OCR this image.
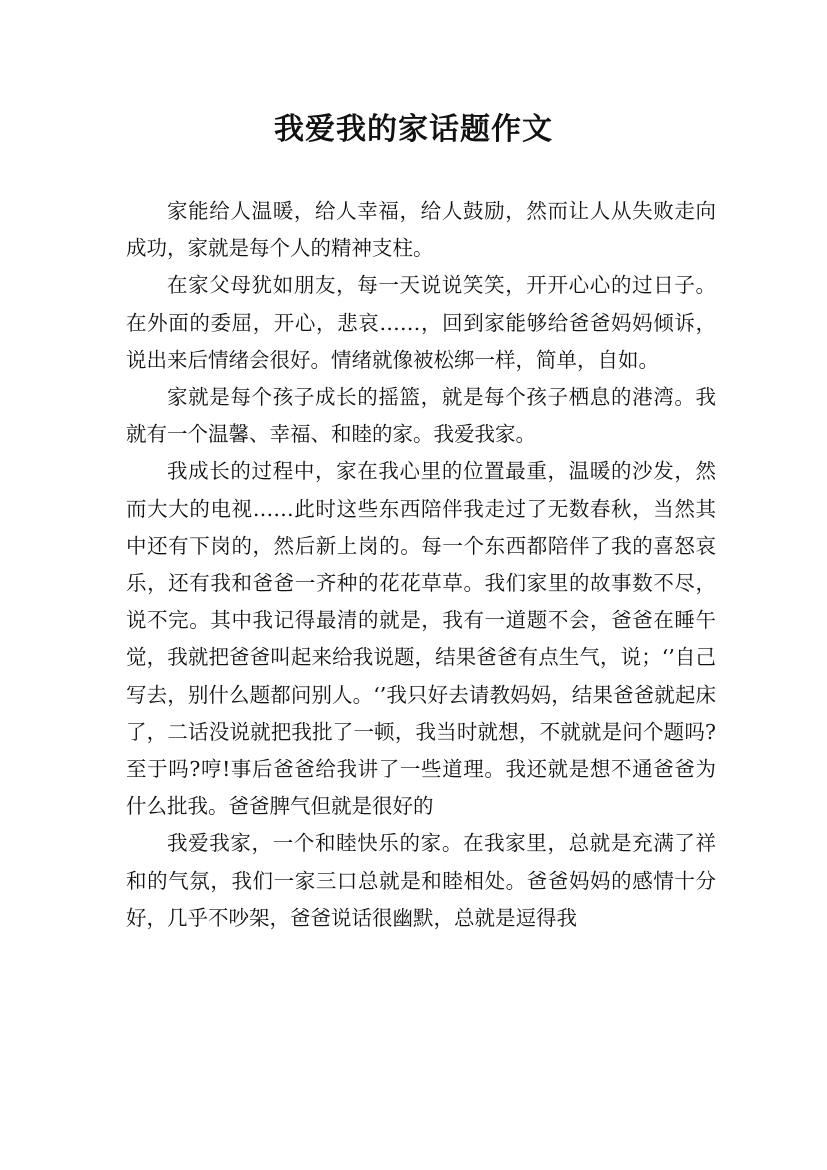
我爱我的家话题作文

家能给人温暖，给人幸福，给人鼓励，然而让人从失败走向成功，家就是每个人的精神支柱。

在家父母犹如朋友，每一天说说笑笑，开开心心的过日子。在外面的委屈，开心，悲哀……，回到家能够给爸爸妈妈倾诉，说出来后情绪会很好。情绪就像被松绑一样，简单，自如。

家就是每个孩子成长的摇篮，就是每个孩子栖息的港湾。我就有一个温馨、幸福、和睦的家。我爱我家。

我成长的过程中，家在我心里的位置最重，温暖的沙发，然而大大的电视……此时这些东西陪伴我走过了无数春秋，当然其中还有下岗的，然后新上岗的。每一个东西都陪伴了我的喜怒哀乐，还有我和爸爸一齐种的花花草草。我们家里的故事数不尽，说不完。其中我记得最清的就是，我有一道题不会，爸爸在睡午觉，我就把爸爸叫起来给我说题，结果爸爸有点生气，说；‘’自己写去，别什么题都问别人。‘’我只好去请教妈妈，结果爸爸就起床了，二话没说就把我批了一顿，我当时就想，不就就是问个题吗?至于吗?哼!事后爸爸给我讲了一些道理。我还就是想不通爸爸为什么批我。爸爸脾气但就是很好的

我爱我家，一个和睦快乐的家。在我家里，总就是充满了祥和的气氛，我们一家三口总就是和睦相处。爸爸妈妈的感情十分好，几乎不吵架，爸爸说话很幽默，总就是逗得我
